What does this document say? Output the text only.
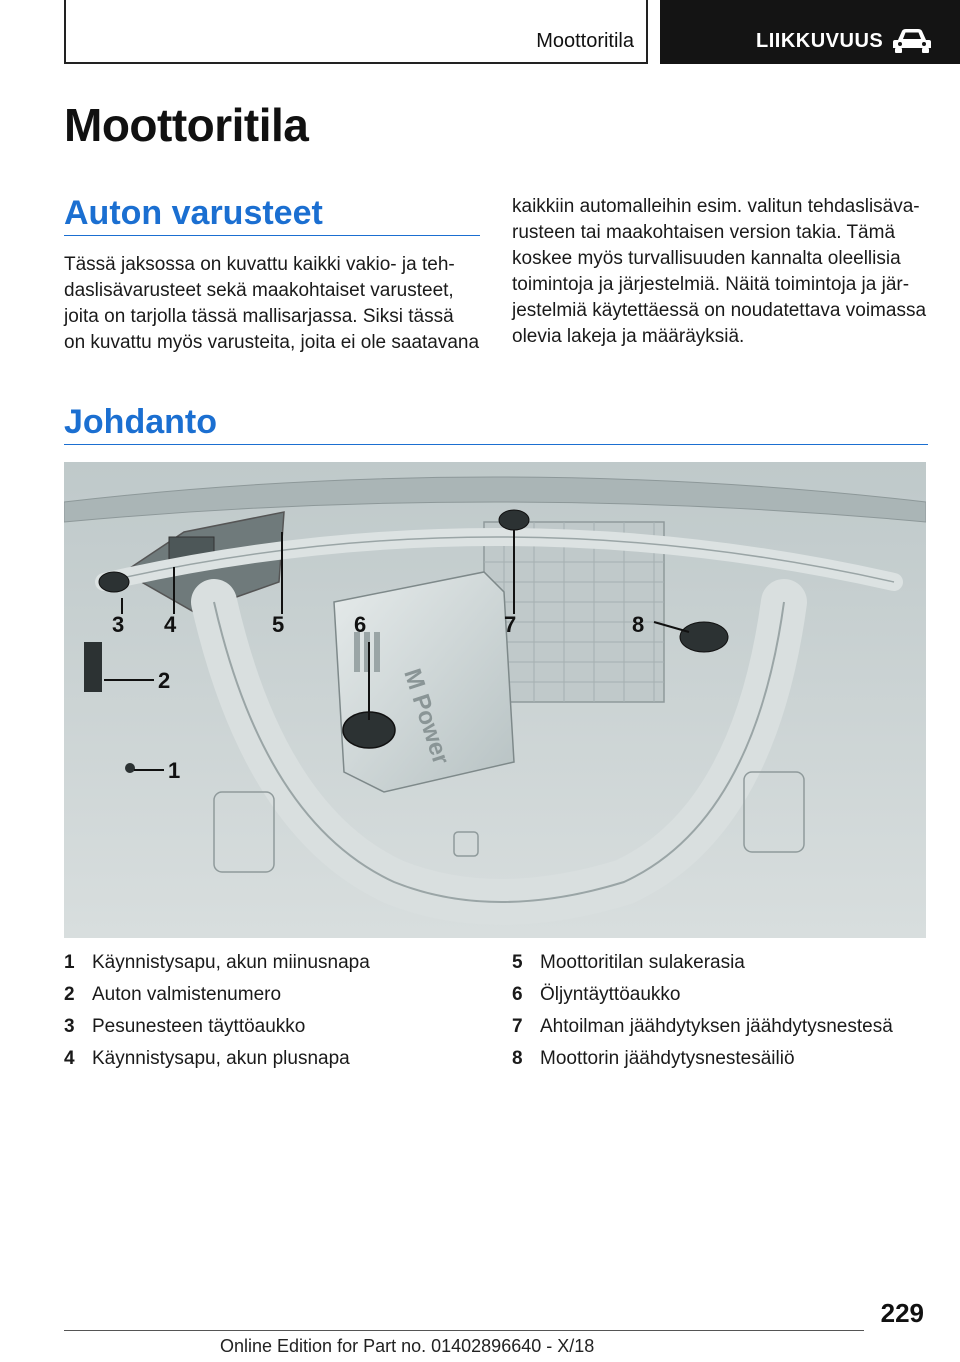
Moottoritila	LIIKKUVUUS
Moottoritila
Auton varusteet

Tässä jaksossa on kuvattu kaikki vakio- ja teh‐ daslisävarusteet sekä maakohtaiset varusteet, joita on tarjolla tässä mallisarjassa. Siksi tässä on kuvattu myös varusteita, joita ei ole saatavana

kaikkiin automalleihin esim. valitun tehdaslisäva‐ rusteen tai maakohtaisen version takia. Tämä koskee myös turvallisuuden kannalta oleellisia toimintoja ja järjestelmiä. Näitä toimintoja ja jär‐ jestelmiä käytettäessä on noudatettava voimassa olevia lakeja ja määräyksiä.

Johdanto
M Power
3 4	5	6	7	8
2
1
1 Käynnistysapu, akun miinusnapa
2 Auton valmistenumero
3 Pesunesteen täyttöaukko
4 Käynnistysapu, akun plusnapa
5 Moottoritilan sulakerasia
6 Öljyntäyttöaukko
7 Ahtoilman jäähdytyksen jäähdytysnestesä
8 Moottorin jäähdytysnestesäiliö
229
Online Edition for Part no. 01402896640 - X/18
